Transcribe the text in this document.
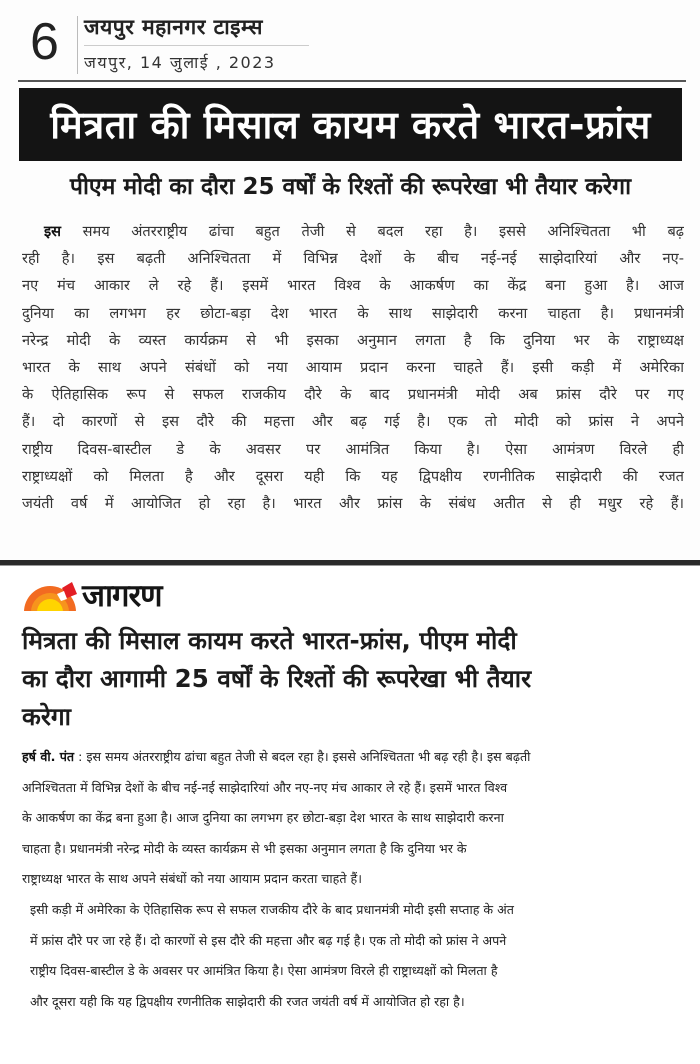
6 जयपुर महानगर टाइम्स
जयपुर, 14 जुलाई , 2023
मित्रता की मिसाल कायम करते भारत-फ्रांस
पीएम मोदी का दौरा 25 वर्षों के रिश्तों की रूपरेखा भी तैयार करेगा
इस समय अंतरराष्ट्रीय ढांचा बहुत तेजी से बदल रहा है। इससे अनिश्चितता भी बढ़
रही है। इस बढ़ती अनिश्चितता में विभिन्न देशों के बीच नई-नई साझेदारियां और नए-
नए मंच आकार ले रहे हैं। इसमें भारत विश्व के आकर्षण का केंद्र बना हुआ है। आज
दुनिया का लगभग हर छोटा-बड़ा देश भारत के साथ साझेदारी करना चाहता है। प्रधानमंत्री
नरेन्द्र मोदी के व्यस्त कार्यक्रम से भी इसका अनुमान लगता है कि दुनिया भर के राष्ट्राध्यक्ष
भारत के साथ अपने संबंधों को नया आयाम प्रदान करना चाहते हैं। इसी कड़ी में अमेरिका
के ऐतिहासिक रूप से सफल राजकीय दौरे के बाद प्रधानमंत्री मोदी अब फ्रांस दौरे पर गए
हैं। दो कारणों से इस दौरे की महत्ता और बढ़ गई है। एक तो मोदी को फ्रांस ने अपने
राष्ट्रीय दिवस-बास्टील डे के अवसर पर आमंत्रित किया है। ऐसा आमंत्रण विरले ही
राष्ट्राध्यक्षों को मिलता है और दूसरा यही कि यह द्विपक्षीय रणनीतिक साझेदारी की रजत
जयंती वर्ष में आयोजित हो रहा है। भारत और फ्रांस के संबंध अतीत से ही मधुर रहे हैं।
जागरण
मित्रता की मिसाल कायम करते भारत-फ्रांस, पीएम मोदी
का दौरा आगामी 25 वर्षों के रिश्तों की रूपरेखा भी तैयार
करेगा
हर्ष वी. पंत : इस समय अंतरराष्ट्रीय ढांचा बहुत तेजी से बदल रहा है। इससे अनिश्चितता भी बढ़ रही है। इस बढ़ती
अनिश्चितता में विभिन्न देशों के बीच नई-नई साझेदारियां और नए-नए मंच आकार ले रहे हैं। इसमें भारत विश्व
के आकर्षण का केंद्र बना हुआ है। आज दुनिया का लगभग हर छोटा-बड़ा देश भारत के साथ साझेदारी करना
चाहता है। प्रधानमंत्री नरेन्द्र मोदी के व्यस्त कार्यक्रम से भी इसका अनुमान लगता है कि दुनिया भर के
राष्ट्राध्यक्ष भारत के साथ अपने संबंधों को नया आयाम प्रदान करता चाहते हैं।
इसी कड़ी में अमेरिका के ऐतिहासिक रूप से सफल राजकीय दौरे के बाद प्रधानमंत्री मोदी इसी सप्ताह के अंत
में फ्रांस दौरे पर जा रहे हैं। दो कारणों से इस दौरे की महत्ता और बढ़ गई है। एक तो मोदी को फ्रांस ने अपने
राष्ट्रीय दिवस-बास्टील डे के अवसर पर आमंत्रित किया है। ऐसा आमंत्रण विरले ही राष्ट्राध्यक्षों को मिलता है
और दूसरा यही कि यह द्विपक्षीय रणनीतिक साझेदारी की रजत जयंती वर्ष में आयोजित हो रहा है।
